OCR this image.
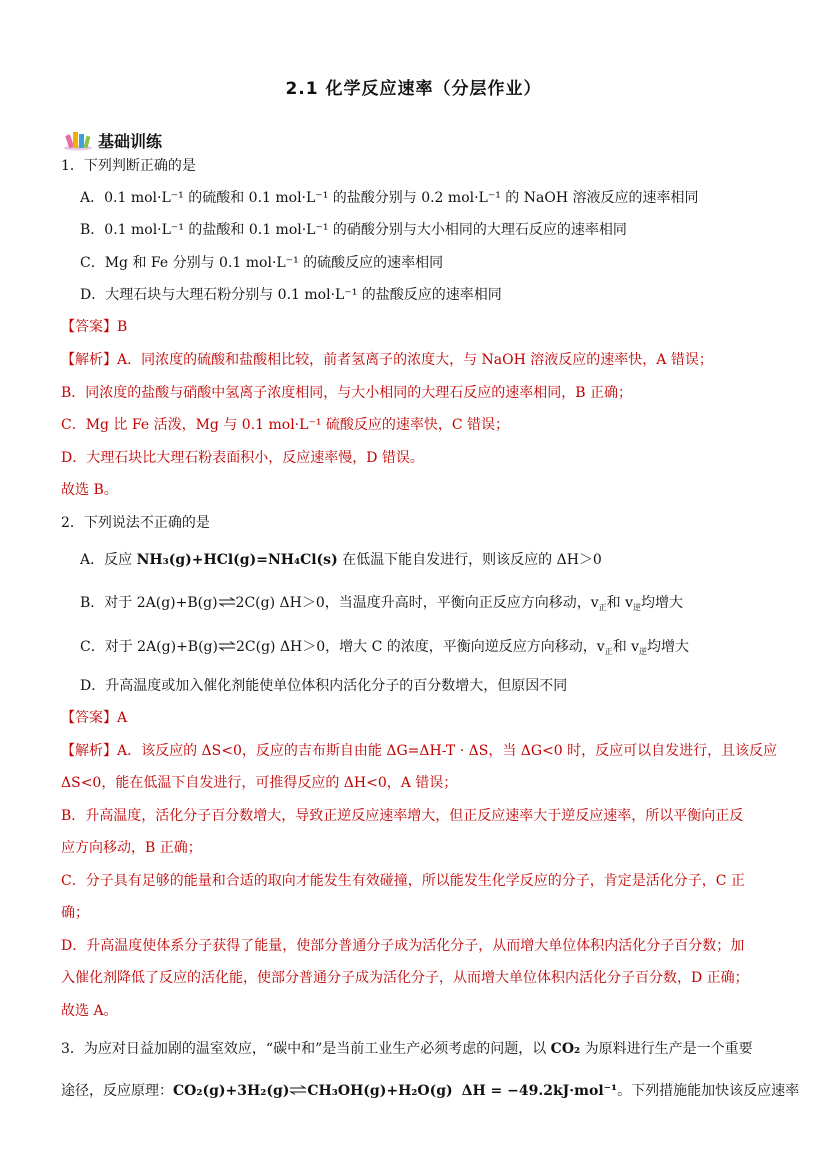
2.1 化学反应速率（分层作业）
基础训练
1．下列判断正确的是
A．0.1 mol·L⁻¹ 的硫酸和 0.1 mol·L⁻¹ 的盐酸分别与 0.2 mol·L⁻¹ 的 NaOH 溶液反应的速率相同
B．0.1 mol·L⁻¹ 的盐酸和 0.1 mol·L⁻¹ 的硝酸分别与大小相同的大理石反应的速率相同
C．Mg 和 Fe 分别与 0.1 mol·L⁻¹ 的硫酸反应的速率相同
D．大理石块与大理石粉分别与 0.1 mol·L⁻¹ 的盐酸反应的速率相同
【答案】B
【解析】A．同浓度的硫酸和盐酸相比较，前者氢离子的浓度大，与 NaOH 溶液反应的速率快，A 错误；
B．同浓度的盐酸与硝酸中氢离子浓度相同，与大小相同的大理石反应的速率相同，B 正确；
C．Mg 比 Fe 活泼，Mg 与 0.1 mol·L⁻¹ 硫酸反应的速率快，C 错误；
D．大理石块比大理石粉表面积小，反应速率慢，D 错误。
故选 B。
2．下列说法不正确的是
A．反应 NH₃(g)+HCl(g)=NH₄Cl(s) 在低温下能自发进行，则该反应的 ΔH＞0
B．对于 2A(g)+B(g)⇌2C(g) ΔH＞0，当温度升高时，平衡向正反应方向移动，$v_正$和 $v_逆$均增大
C．对于 2A(g)+B(g)⇌2C(g) ΔH＞0，增大 C 的浓度，平衡向逆反应方向移动，$v_正$和 $v_逆$均增大
D．升高温度或加入催化剂能使单位体积内活化分子的百分数增大，但原因不同
【答案】A
【解析】A．该反应的 ΔS<0，反应的吉布斯自由能 ΔG=ΔH-T · ΔS，当 ΔG<0 时，反应可以自发进行，且该反应
ΔS<0，能在低温下自发进行，可推得反应的 ΔH<0，A 错误；
B．升高温度，活化分子百分数增大，导致正逆反应速率增大，但正反应速率大于逆反应速率，所以平衡向正反
应方向移动，B 正确；
C．分子具有足够的能量和合适的取向才能发生有效碰撞，所以能发生化学反应的分子，肯定是活化分子，C 正
确；
D．升高温度使体系分子获得了能量，使部分普通分子成为活化分子，从而增大单位体积内活化分子百分数；加
入催化剂降低了反应的活化能，使部分普通分子成为活化分子，从而增大单位体积内活化分子百分数，D 正确；
故选 A。
3．为应对日益加剧的温室效应，“碳中和”是当前工业生产必须考虑的问题，以 CO₂ 为原料进行生产是一个重要
途径，反应原理：CO₂(g)+3H₂(g)⇌CH₃OH(g)+H₂O(g) ΔH = −49.2kJ·mol⁻¹。下列措施能加快该反应速率
